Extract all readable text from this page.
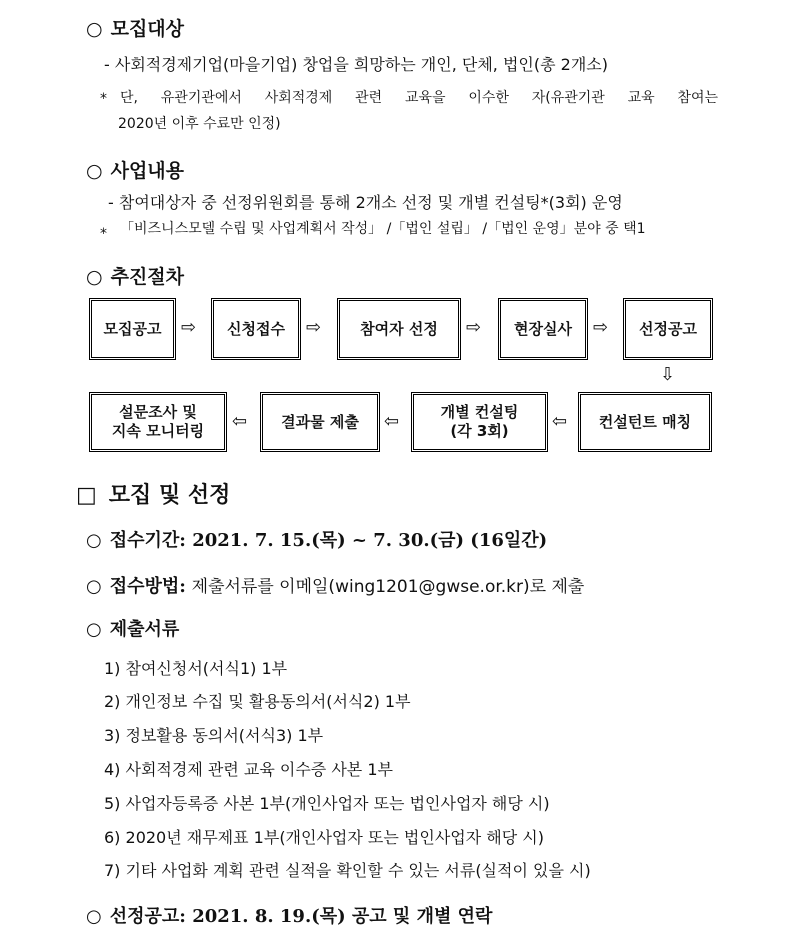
○ 모집대상
- 사회적경제기업(마을기업) 창업을 희망하는 개인, 단체, 법인(총 2개소)
* 단, 유관기관에서 사회적경제 관련 교육을 이수한 자(유관기관 교육 참여는
2020년 이후 수료만 인정)
○ 사업내용
- 참여대상자 중 선정위원회를 통해 2개소 선정 및 개별 컨설팅*(3회) 운영
* 「비즈니스모델 수립 및 사업계획서 작성」 /「법인 설립」 /「법인 운영」분야 중 택1
○ 추진절차
모집공고	⇨	신청접수	⇨	참여자 선정	⇨	현장실사	⇨	선정공고
⇩
컨설턴트 매칭
⇦
개별 컨설팅
(각 3회)
⇦
결과물 제출
⇦
설문조사 및
지속 모니터링
□ 모집 및 선정
○ 접수기간: 2021. 7. 15.(목) ~ 7. 30.(금) (16일간)
○ 접수방법: 제출서류를 이메일(wing1201@gwse.or.kr)로 제출
○ 제출서류
1) 참여신청서(서식1) 1부
2) 개인정보 수집 및 활용동의서(서식2) 1부
3) 정보활용 동의서(서식3) 1부
4) 사회적경제 관련 교육 이수증 사본 1부
5) 사업자등록증 사본 1부(개인사업자 또는 법인사업자 해당 시)
6) 2020년 재무제표 1부(개인사업자 또는 법인사업자 해당 시)
7) 기타 사업화 계획 관련 실적을 확인할 수 있는 서류(실적이 있을 시)
○ 선정공고: 2021. 8. 19.(목) 공고 및 개별 연락
